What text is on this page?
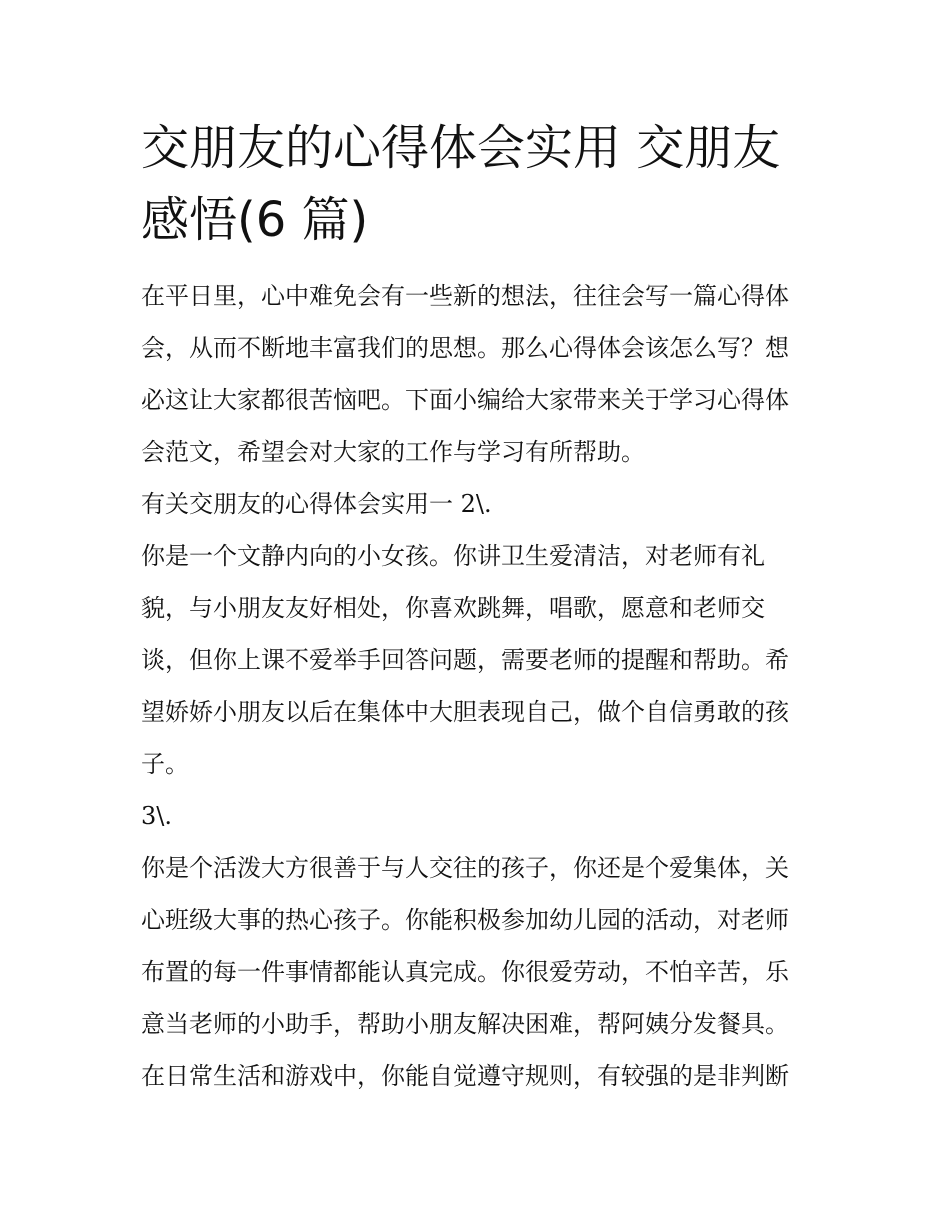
交朋友的心得体会实用 交朋友
感悟(6 篇)

在平日里，心中难免会有一些新的想法，往往会写一篇心得体
会，从而不断地丰富我们的思想。那么心得体会该怎么写？想
必这让大家都很苦恼吧。下面小编给大家带来关于学习心得体
会范文，希望会对大家的工作与学习有所帮助。

有关交朋友的心得体会实用一 2\.

你是一个文静内向的小女孩。你讲卫生爱清洁，对老师有礼
貌，与小朋友友好相处，你喜欢跳舞，唱歌，愿意和老师交
谈，但你上课不爱举手回答问题，需要老师的提醒和帮助。希
望娇娇小朋友以后在集体中大胆表现自己，做个自信勇敢的孩
子。

3\.

你是个活泼大方很善于与人交往的孩子，你还是个爱集体，关
心班级大事的热心孩子。你能积极参加幼儿园的活动，对老师
布置的每一件事情都能认真完成。你很爱劳动，不怕辛苦，乐
意当老师的小助手，帮助小朋友解决困难，帮阿姨分发餐具。
在日常生活和游戏中，你能自觉遵守规则，有较强的是非判断
